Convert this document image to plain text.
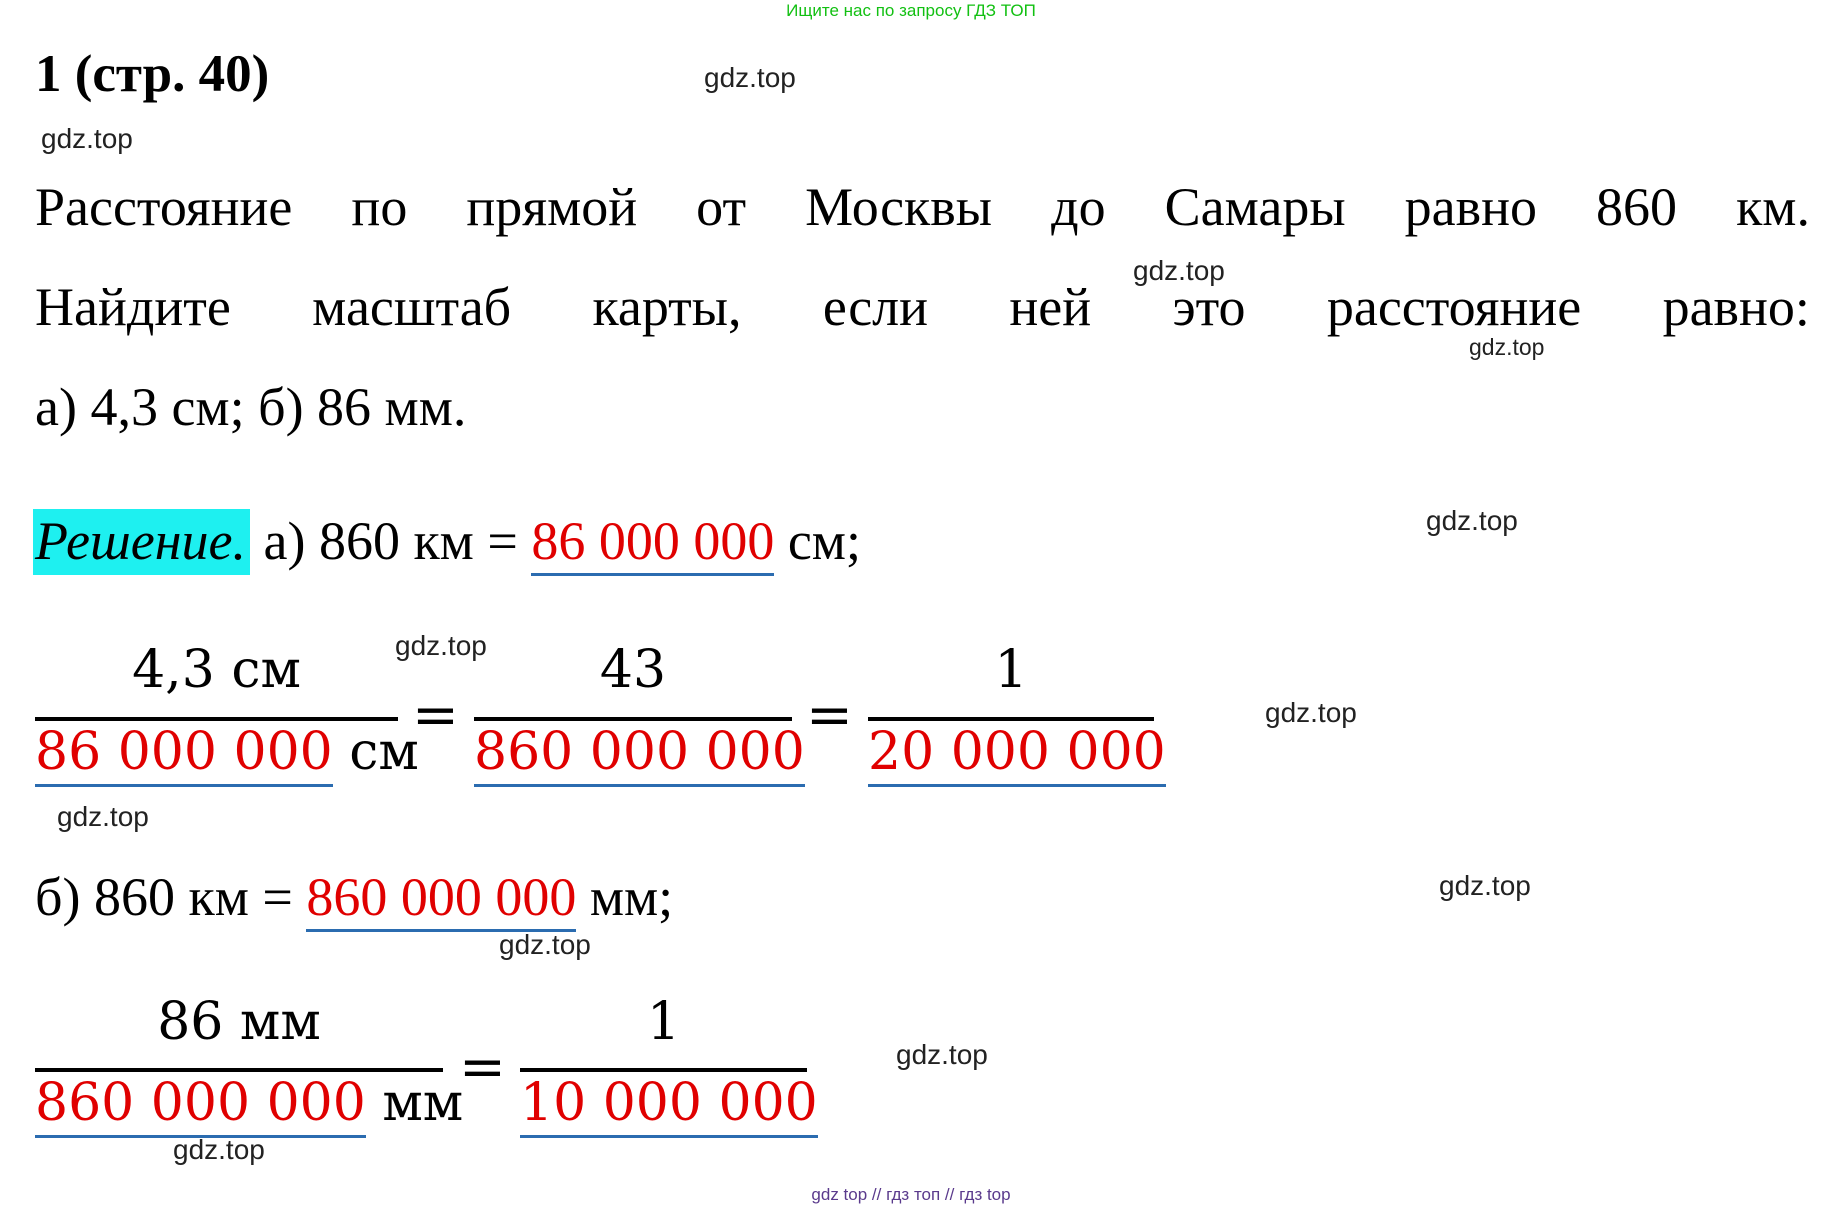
Ищите нас по запросу ГДЗ ТОП
1 (стр. 40)	gdz.top
gdz.top
gdz.top
gdz.top
gdz.top
gdz.top
gdz.top
gdz.top
gdz.top
gdz.top
gdz.top
gdz.top
Расстояние по прямой от Москвы до Самары равно 860 км.
Найдите масштаб карты, если ней это расстояние равно:
а) 4,3 см; б) 86 мм.
Решение. а) 860 км = 86 000 000 см;
4,3 см
86 000 000 см
=
43
860 000 000
=
1
20 000 000
б) 860 км = 860 000 000 мм;
86 мм
860 000 000 мм
=
1
10 000 000
gdz top // гдз топ // гдз top
